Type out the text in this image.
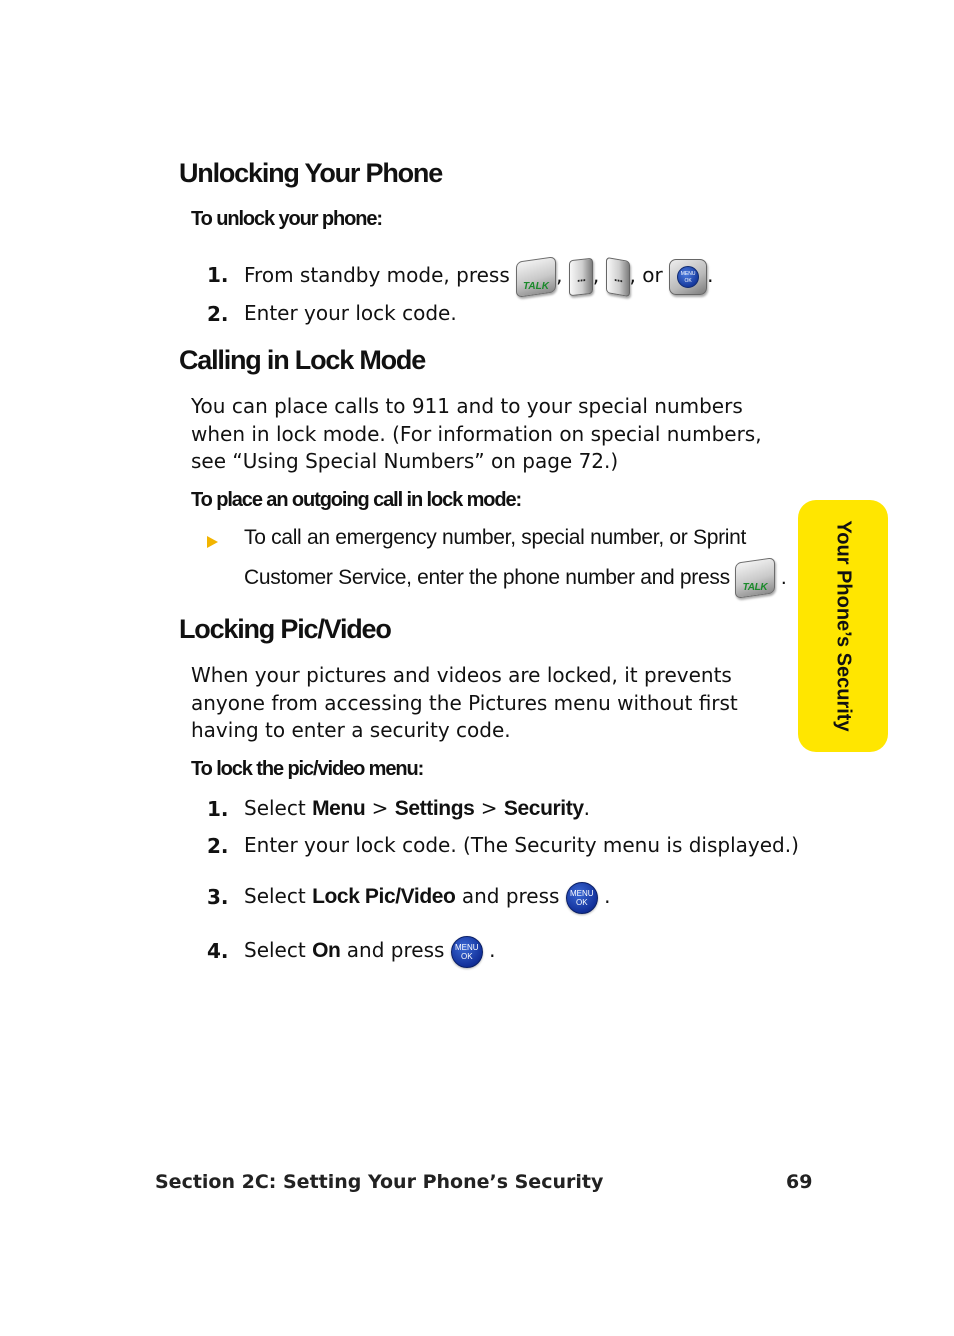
Unlocking Your Phone
To unlock your phone:
1. From standby mode, press	TALK ,	··· ,	··· , or	MENU
OK .
2. Enter your lock code.
Calling in Lock Mode
You can place calls to 911 and to your special numbers when in lock mode. (For information on special numbers, see “Using Special Numbers” on page 72.)
To place an outgoing call in lock mode:
To call an emergency number, special number, or Sprint
Customer Service, enter the phone number and press	TALK .
Locking Pic/Video
When your pictures and videos are locked, it prevents anyone from accessing the Pictures menu without first having to enter a security code.
To lock the pic/video menu:
1. Select Menu > Settings > Security.
2. Enter your lock code. (The Security menu is displayed.)
3. Select Lock Pic/Video and press MENU
OK .
4. Select On and press MENU
OK .
Your Phone’s Security
Section 2C: Setting Your Phone’s Security	69
